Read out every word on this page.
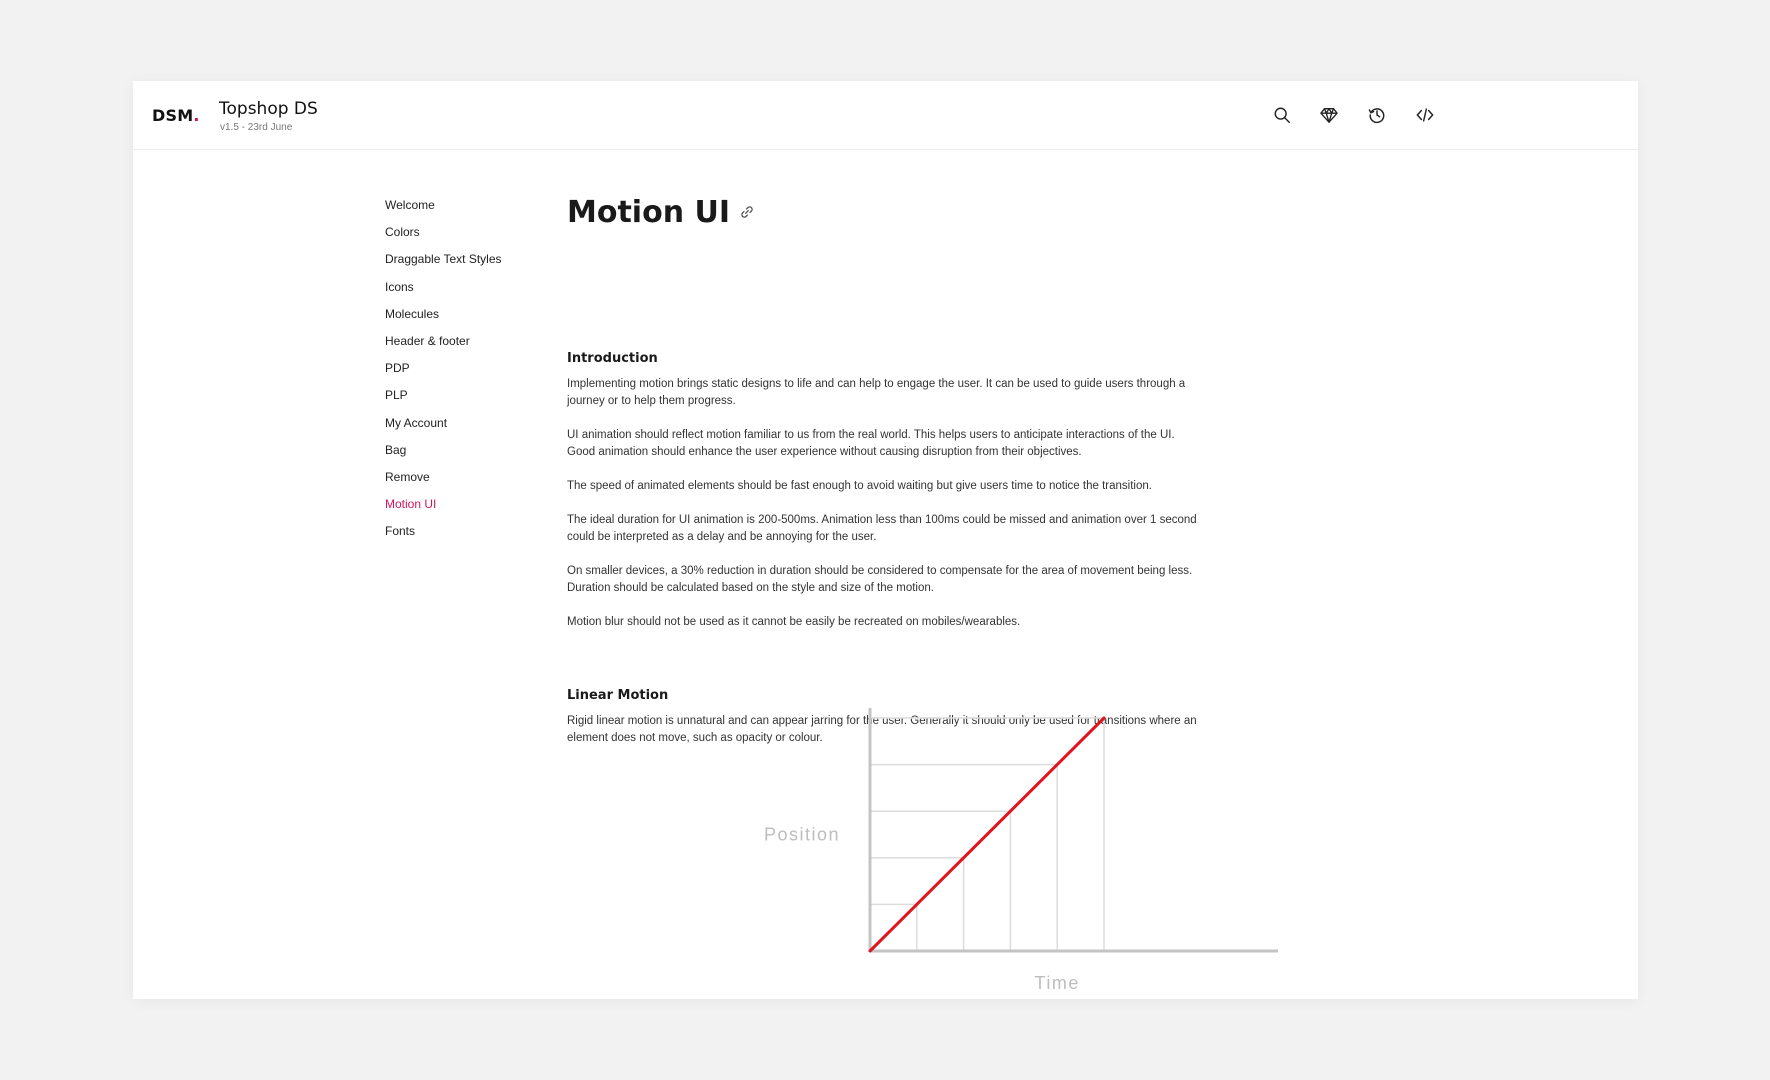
DSM. Topshop DS
v1.5 - 23rd June
Welcome
Colors
Draggable Text Styles
Icons
Molecules
Header & footer
PDP
PLP
My Account
Bag
Remove
Motion UI
Fonts
Motion UI
Introduction

Implementing motion brings static designs to life and can help to engage the user. It can be used to guide users through a journey or to help them progress.

UI animation should reflect motion familiar to us from the real world. This helps users to anticipate interactions of the UI. Good animation should enhance the user experience without causing disruption from their objectives.

The speed of animated elements should be fast enough to avoid waiting but give users time to notice the transition.

The ideal duration for UI animation is 200-500ms. Animation less than 100ms could be missed and animation over 1 second could be interpreted as a delay and be annoying for the user.

On smaller devices, a 30% reduction in duration should be considered to compensate for the area of movement being less. Duration should be calculated based on the style and size of the motion.

Motion blur should not be used as it cannot be easily be recreated on mobiles/wearables.

Linear Motion

Rigid linear motion is unnatural and can appear jarring for the user. Generally it should only be used for transitions where an element does not move, such as opacity or colour.

Position
Time
